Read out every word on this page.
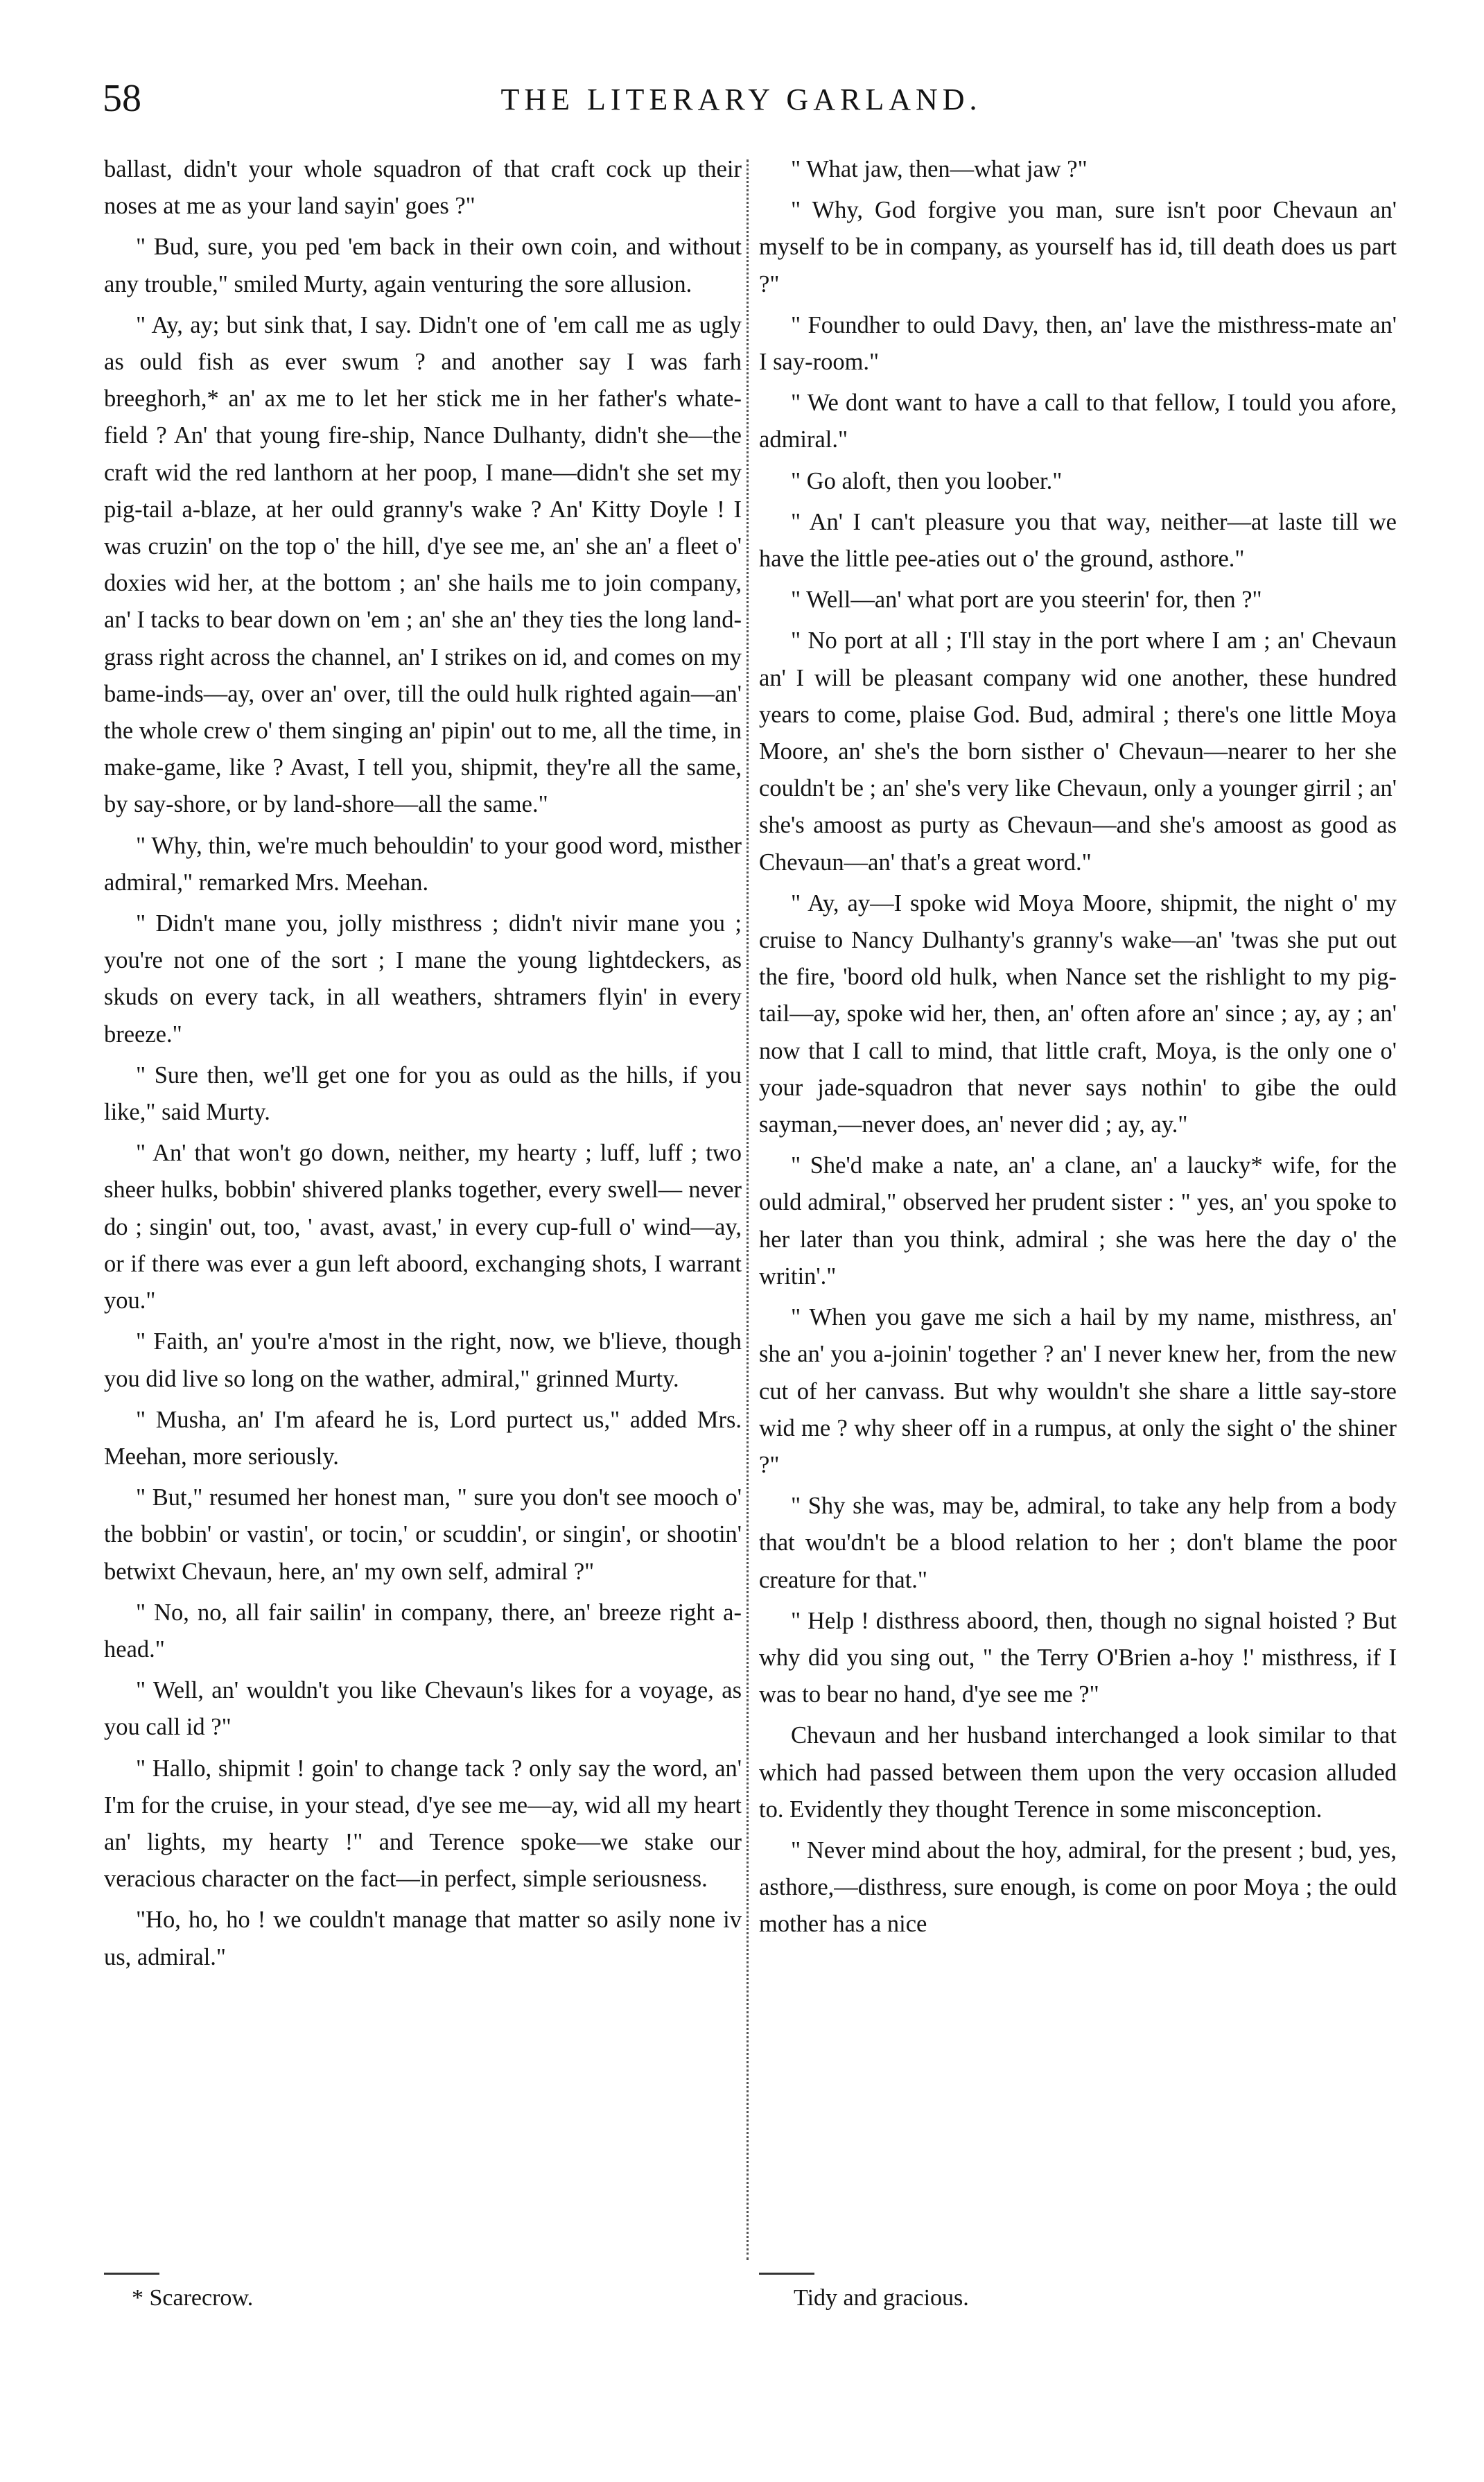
58	THE LITERARY GARLAND.

ballast, didn't your whole squadron of that craft cock up their noses at me as your land sayin' goes ?"

" Bud, sure, you ped 'em back in their own coin, and without any trouble," smiled Murty, again venturing the sore allusion.

" Ay, ay; but sink that, I say. Didn't one of 'em call me as ugly as ould fish as ever swum ? and another say I was farh breeghorh,* an' ax me to let her stick me in her father's whate-field ? An' that young fire-ship, Nance Dulhanty, didn't she—the craft wid the red lanthorn at her poop, I mane—didn't she set my pig-tail a-blaze, at her ould granny's wake ? An' Kitty Doyle ! I was cruzin' on the top o' the hill, d'ye see me, an' she an' a fleet o' doxies wid her, at the bottom ; an' she hails me to join company, an' I tacks to bear down on 'em ; an' she an' they ties the long land-grass right across the channel, an' I strikes on id, and comes on my bame-inds—ay, over an' over, till the ould hulk righted again—an' the whole crew o' them singing an' pipin' out to me, all the time, in make-game, like ? Avast, I tell you, shipmit, they're all the same, by say-shore, or by land-shore—all the same."

" Why, thin, we're much behouldin' to your good word, misther admiral," remarked Mrs. Meehan.

" Didn't mane you, jolly misthress ; didn't nivir mane you ; you're not one of the sort ; I mane the young lightdeckers, as skuds on every tack, in all weathers, shtramers flyin' in every breeze."

" Sure then, we'll get one for you as ould as the hills, if you like," said Murty.

" An' that won't go down, neither, my hearty ; luff, luff ; two sheer hulks, bobbin' shivered planks together, every swell— never do ; singin' out, too, ' avast, avast,' in every cup-full o' wind—ay, or if there was ever a gun left aboord, exchanging shots, I warrant you."

" Faith, an' you're a'most in the right, now, we b'lieve, though you did live so long on the wather, admiral," grinned Murty.

" Musha, an' I'm afeard he is, Lord purtect us," added Mrs. Meehan, more seriously.

" But," resumed her honest man, " sure you don't see mooch o' the bobbin' or vastin', or tocin,' or scuddin', or singin', or shootin' betwixt Chevaun, here, an' my own self, admiral ?"

" No, no, all fair sailin' in company, there, an' breeze right a-head."

" Well, an' wouldn't you like Chevaun's likes for a voyage, as you call id ?"

" Hallo, shipmit ! goin' to change tack ? only say the word, an' I'm for the cruise, in your stead, d'ye see me—ay, wid all my heart an' lights, my hearty !" and Terence spoke—we stake our veracious character on the fact—in perfect, simple seriousness.

"Ho, ho, ho ! we couldn't manage that matter so asily none iv us, admiral."

" What jaw, then—what jaw ?"

" Why, God forgive you man, sure isn't poor Chevaun an' myself to be in company, as yourself has id, till death does us part ?"

" Foundher to ould Davy, then, an' lave the misthress-mate an' I say-room."

" We dont want to have a call to that fellow, I tould you afore, admiral."

" Go aloft, then you loober."

" An' I can't pleasure you that way, neither—at laste till we have the little pee-aties out o' the ground, asthore."

" Well—an' what port are you steerin' for, then ?"

" No port at all ; I'll stay in the port where I am ; an' Chevaun an' I will be pleasant company wid one another, these hundred years to come, plaise God. Bud, admiral ; there's one little Moya Moore, an' she's the born sisther o' Chevaun—nearer to her she couldn't be ; an' she's very like Chevaun, only a younger girril ; an' she's amoost as purty as Chevaun—and she's amoost as good as Chevaun—an' that's a great word."

" Ay, ay—I spoke wid Moya Moore, shipmit, the night o' my cruise to Nancy Dulhanty's granny's wake—an' 'twas she put out the fire, 'boord old hulk, when Nance set the rishlight to my pig-tail—ay, spoke wid her, then, an' often afore an' since ; ay, ay ; an' now that I call to mind, that little craft, Moya, is the only one o' your jade-squadron that never says nothin' to gibe the ould sayman,—never does, an' never did ; ay, ay."

" She'd make a nate, an' a clane, an' a laucky* wife, for the ould admiral," observed her prudent sister : " yes, an' you spoke to her later than you think, admiral ; she was here the day o' the writin'."

" When you gave me sich a hail by my name, misthress, an' she an' you a-joinin' together ? an' I never knew her, from the new cut of her canvass. But why wouldn't she share a little say-store wid me ? why sheer off in a rumpus, at only the sight o' the shiner ?"

" Shy she was, may be, admiral, to take any help from a body that wou'dn't be a blood relation to her ; don't blame the poor creature for that."

" Help ! disthress aboord, then, though no signal hoisted ? But why did you sing out, " the Terry O'Brien a-hoy !' misthress, if I was to bear no hand, d'ye see me ?"

Chevaun and her husband interchanged a look similar to that which had passed between them upon the very occasion alluded to. Evidently they thought Terence in some misconception.

" Never mind about the hoy, admiral, for the present ; bud, yes, asthore,—disthress, sure enough, is come on poor Moya ; the ould mother has a nice

* Scarecrow.	Tidy and gracious.
